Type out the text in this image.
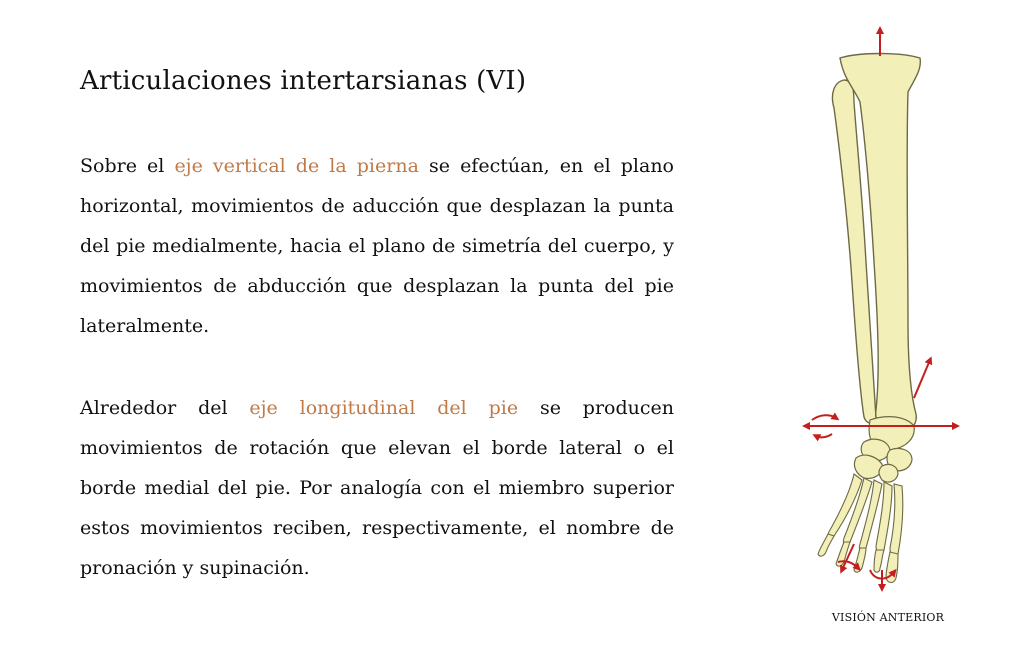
Articulaciones intertarsianas (VI)

Sobre el eje vertical de la pierna se efectúan, en el plano horizontal, movimientos de aducción que desplazan la punta del pie medialmente, hacia el plano de simetría del cuerpo, y movimientos de abducción que desplazan la punta del pie lateralmente.

Alrededor del eje longitudinal del pie se producen movimientos de rotación que elevan el borde lateral o el borde medial del pie. Por analogía con el miembro superior estos movimientos reciben, respectivamente, el nombre de pronación y supinación.

VISIÓN ANTERIOR
